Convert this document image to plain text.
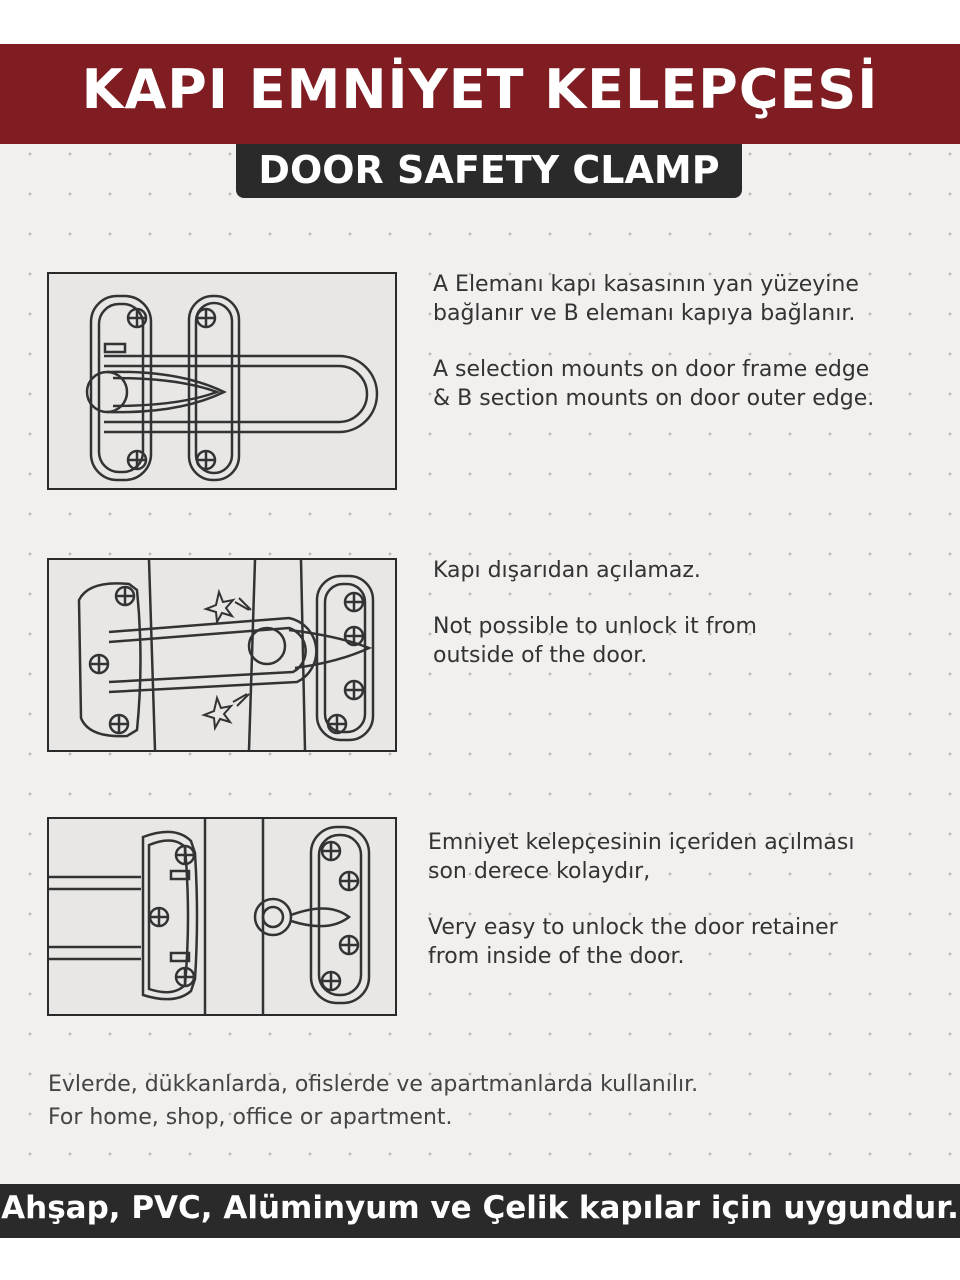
KAPI EMNİYET KELEPÇESİ
DOOR SAFETY CLAMP
A Elemanı kapı kasasının yan yüzeyine
bağlanır ve B elemanı kapıya bağlanır.
A selection mounts on door frame edge
& B section mounts on door outer edge.
Kapı dışarıdan açılamaz.
Not possible to unlock it from
outside of the door.
Emniyet kelepçesinin içeriden açılması
son derece kolaydır,
Very easy to unlock the door retainer
from inside of the door.
Evlerde, dükkanlarda, ofislerde ve apartmanlarda kullanılır.
For home, shop, office or apartment.
Ahşap, PVC, Alüminyum ve Çelik kapılar için uygundur.
